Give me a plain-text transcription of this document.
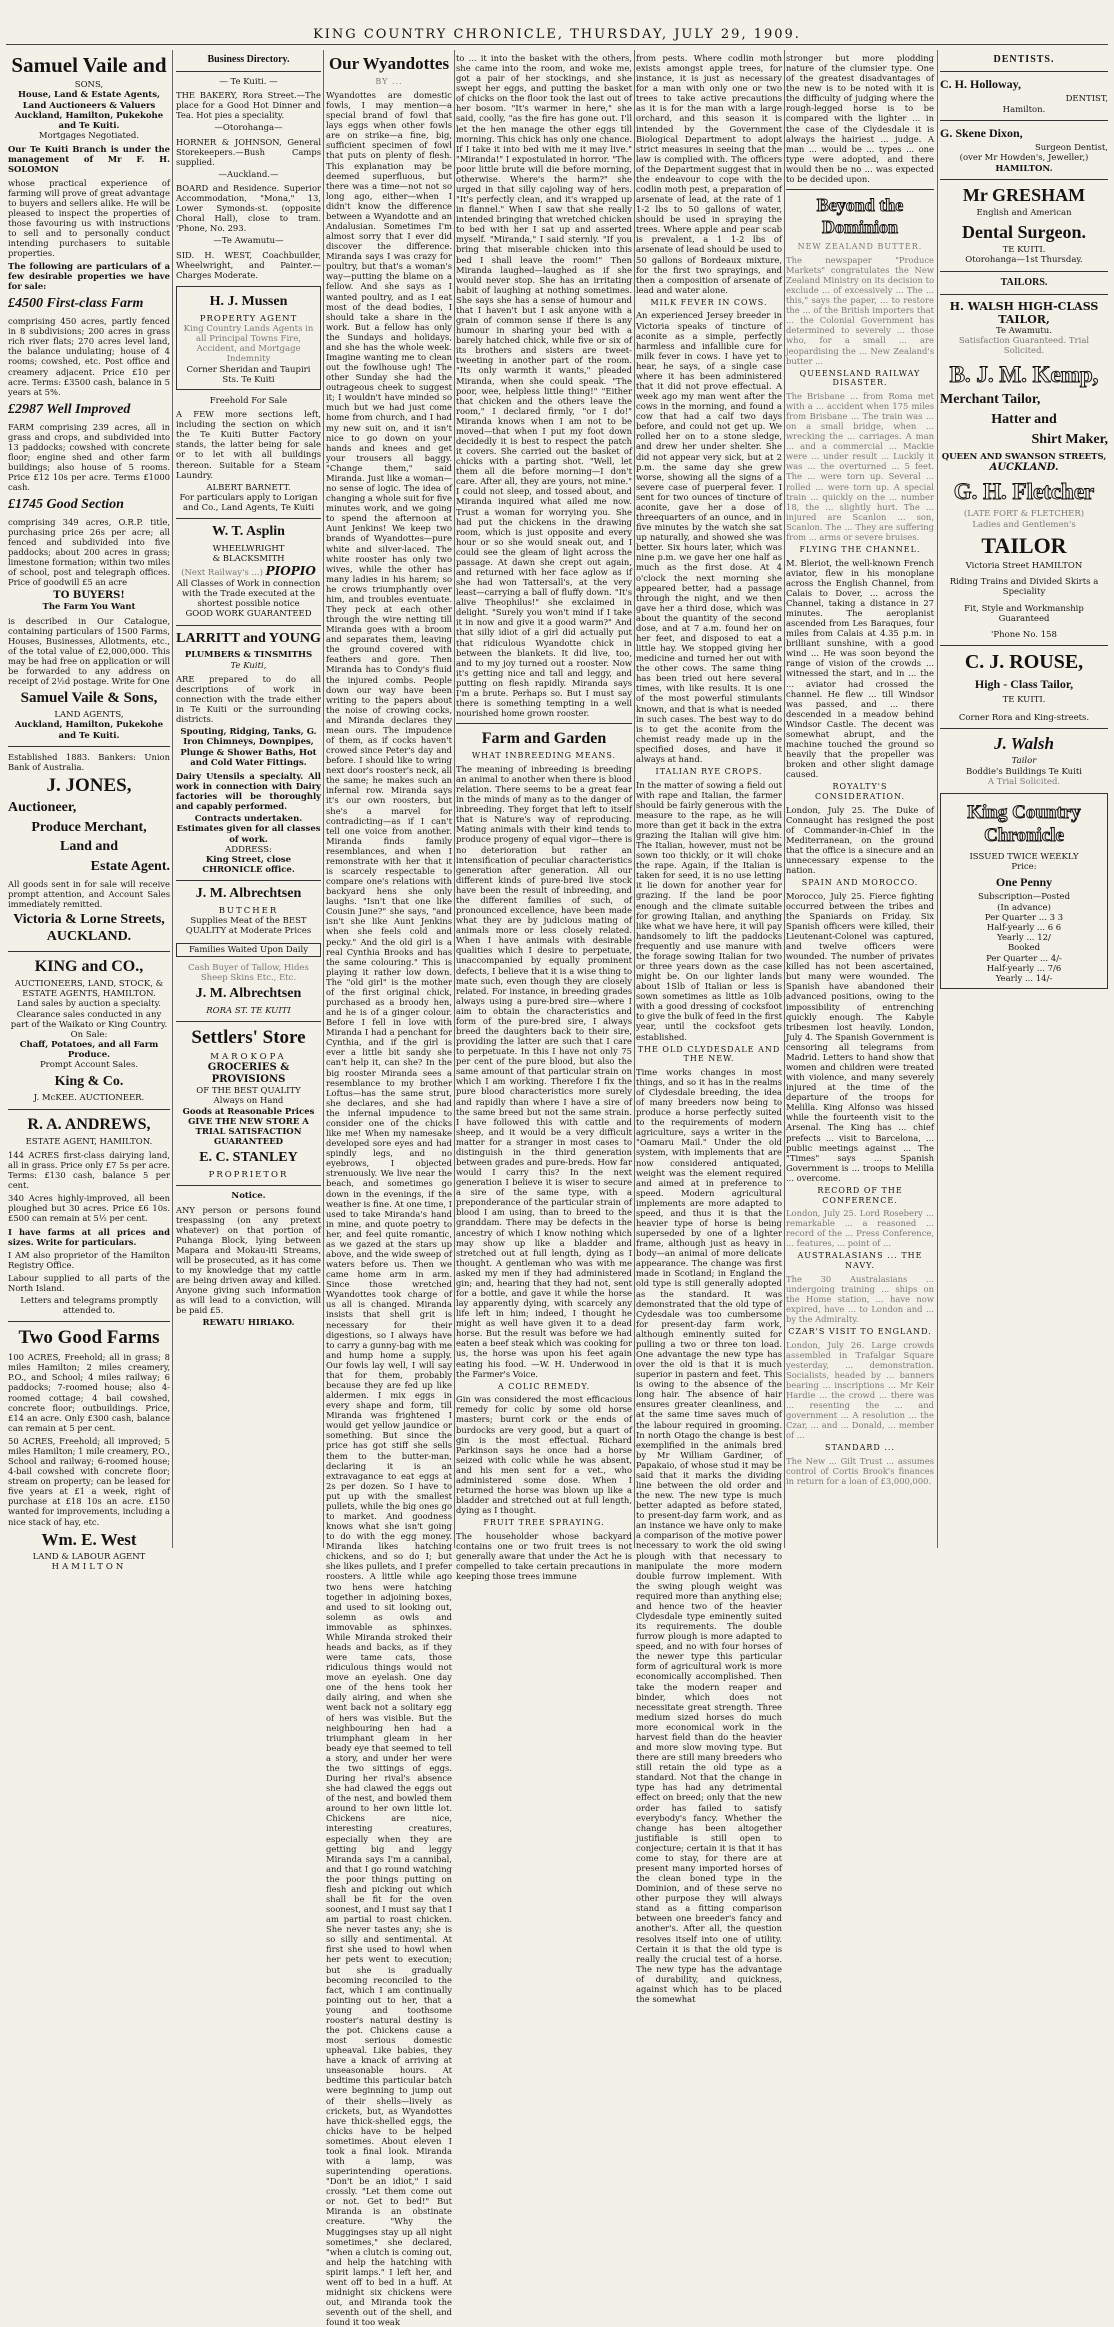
KING COUNTRY CHRONICLE, THURSDAY, JULY 29, 1909.
Samuel Vaile and
SONS,
House, Land & Estate Agents,
Land Auctioneers & Valuers
Auckland, Hamilton, Pukekohe and Te Kuiti.
Mortgages Negotiated.
Our Te Kuiti Branch is under the management of Mr F. H. SOLOMON
whose practical experience of farming will prove of great advantage to buyers and sellers alike. He will be pleased to inspect the properties of those favouring us with instructions to sell and to personally conduct intending purchasers to suitable properties.
The following are particulars of a few desirable properties we have for sale:
£4500 First-class Farm
comprising 450 acres, partly fenced in 8 subdivisions; 200 acres in grass rich river flats; 270 acres level land, the balance undulating; house of 4 rooms; cowshed, etc. Post office and creamery adjacent. Price £10 per acre. Terms: £3500 cash, balance in 5 years at 5%.
£2987 Well Improved
FARM comprising 239 acres, all in grass and crops, and subdivided into 13 paddocks; cowshed with concrete floor; engine shed and other farm buildings; also house of 5 rooms. Price £12 10s per acre. Terms £1000 cash.
£1745 Good Section
comprising 349 acres, O.R.P. title, purchasing price 26s per acre; all fenced and subdivided into five paddocks; about 200 acres in grass; limestone formation; within two miles of school, post and telegraph offices. Price of goodwill £5 an acre
TO BUYERS!
The Farm You Want
is described in Our Catalogue, containing particulars of 1500 Farms, Houses, Businesses, Allotments, etc., of the total value of £2,000,000. This may be had free on application or will be forwarded to any address on receipt of 2½d postage. Write for One
Samuel Vaile & Sons,
LAND AGENTS,
Auckland, Hamilton, Pukekohe and Te Kuiti.
Established 1883. Bankers: Union Bank of Australia.
J. JONES,
Auctioneer,
Produce Merchant,
Land and
Estate Agent.
All goods sent in for sale will receive prompt attention, and Account Sales immediately remitted.
Victoria & Lorne Streets, AUCKLAND.
KING and CO.,
AUCTIONEERS, LAND, STOCK, & ESTATE AGENTS, HAMILTON.
Land sales by auction a specialty.
Clearance sales conducted in any part of the Waikato or King Country.
On Sale:
Chaff, Potatoes, and all Farm Produce.
Prompt Account Sales.
King & Co.
J. McKEE. AUCTIONEER.
R. A. ANDREWS,
ESTATE AGENT, HAMILTON.
144 ACRES first-class dairying land, all in grass. Price only £7 5s per acre. Terms: £130 cash, balance 5 per cent.
340 Acres highly-improved, all been ploughed but 30 acres. Price £6 10s. £500 can remain at 5½ per cent.
I have farms at all prices and sizes. Write for particulars.
I AM also proprietor of the Hamilton Registry Office.
Labour supplied to all parts of the North Island.
Letters and telegrams promptly attended to.
Two Good Farms
100 ACRES, Freehold; all in grass; 8 miles Hamilton; 2 miles creamery, P.O., and School; 4 miles railway; 6 paddocks; 7-roomed house; also 4-roomed cottage; 4 bail cowshed, concrete floor; outbuildings. Price, £14 an acre. Only £300 cash, balance can remain at 5 per cent.
50 ACRES, Freehold; all improved; 5 miles Hamilton; 1 mile creamery, P.O., School and railway; 6-roomed house; 4-bail cowshed with concrete floor; stream on property; can be leased for five years at £1 a week, right of purchase at £18 10s an acre. £150 wanted for improvements, including a nice stack of hay, etc.
Wm. E. West
LAND & LABOUR AGENT
HAMILTON
Business Directory.
— Te Kuiti. —
THE BAKERY, Rora Street.—The place for a Good Hot Dinner and Tea. Hot pies a speciality.
—Otorohanga—
HORNER & JOHNSON, General Storekeepers.—Bush Camps supplied.
—Auckland.—
BOARD and Residence. Superior Accommodation, "Mona," 13, Lower Symonds-st. (opposite Choral Hall), close to tram. 'Phone, No. 293.
—Te Awamutu—
SID. H. WEST, Coachbuilder, Wheelwright, and Painter.—Charges Moderate.
H. J. Mussen
PROPERTY AGENT
King Country Lands Agents in all Principal Towns Fire, Accident, and Mortgage Indemnity
Corner Sheridan and Taupiri Sts. Te Kuiti
Freehold For Sale
A FEW more sections left, including the section on which the Te Kuiti Butter Factory stands, the latter being for sale or to let with all buildings thereon. Suitable for a Steam Laundry.
ALBERT BARNETT.
For particulars apply to Lorigan and Co., Land Agents, Te Kuiti
W. T. Asplin
WHEELWRIGHT
& BLACKSMITH
(Next Railway's ...) PIOPIO
All Classes of Work in connection with the Trade executed at the shortest possible notice
GOOD WORK GUARANTEED
LARRITT and YOUNG
PLUMBERS & TINSMITHS
Te Kuiti,
ARE prepared to do all descriptions of work in connection with the trade either in Te Kuiti or the surrounding districts.
Spouting, Ridging, Tanks, G. Iron Chimneys, Downpipes, Plunge & Shower Baths, Hot and Cold Water Fittings.
Dairy Utensils a specialty. All work in connection with Dairy factories will be thoroughly and capably performed.
Contracts undertaken. Estimates given for all classes of work.
ADDRESS:
King Street, close CHRONICLE office.
J. M. Albrechtsen
BUTCHER
Supplies Meat of the BEST QUALITY at Moderate Prices
Families Waited Upon Daily
Cash Buyer of Tallow, Hides Sheep Skins Etc., Etc.
J. M. Albrechtsen
RORA ST. TE KUITI
Settlers' Store
MAROKOPA
GROCERIES & PROVISIONS
OF THE BEST QUALITY
Always on Hand
Goods at Reasonable Prices
GIVE THE NEW STORE A TRIAL SATISFACTION GUARANTEED
E. C. STANLEY
PROPRIETOR
Notice.
ANY person or persons found trespassing (on any pretext whatever) on that portion of Puhanga Block, lying between Mapara and Mokau-iti Streams, will be prosecuted, as it has come to my knowledge that my cattle are being driven away and killed. Anyone giving such information as will lead to a conviction, will be paid £5.
REWATU HIRIAKO.
Our Wyandottes
BY ...
Wyandottes are domestic fowls, I may mention—a special brand of fowl that lays eggs when other fowls are on strike—a fine, big, sufficient specimen of fowl that puts on plenty of flesh. This explanation may be deemed superfluous, but there was a time—not not so long ago, either—when I didn't know the difference between a Wyandotte and an Andalusian. Sometimes I'm almost sorry that I ever did discover the difference. Miranda says I was crazy for poultry, but that's a woman's way—putting the blame on a fellow. And she says as I wanted poultry, and as I eat most of the dead bodies, I should take a share in the work. But a fellow has only the Sundays and holidays, and she has the whole week. Imagine wanting me to clean out the fowlhouse ugh! The other Sunday she had the outrageous cheek to suggest it; I wouldn't have minded so much but we had just come home from church, and I had my new suit on, and it isn't nice to go down on your hands and knees and get your trousers all baggy. "Change them," said Miranda. Just like a woman—no sense of logic. The idea of changing a whole suit for five minutes work, and we going to spend the afternoon at Aunt Jenkins! We keep two brands of Wyandottes—pure white and silver-laced. The white rooster has only two wives, while the other has many ladies in his harem; so he crows triumphantly over him, and troubles eventuate. They peck at each other through the wire netting till Miranda goes with a broom and separates them, leaving the ground covered with feathers and gore. Then Miranda has to Condy's fluid the injured combs. People down our way have been writing to the papers about the noise of crowing cocks, and Miranda declares they mean ours. The impudence of them, as if cocks haven't crowed since Peter's day and before. I should like to wring next door's rooster's neck, all the same; he makes such an infernal row. Miranda says it's our own roosters, but she's a marvel for contradicting—as if I can't tell one voice from another. Miranda finds family resemblances, and when I remonstrate with her that it is scarcely respectable to compare one's relations with backyard hens she only laughs. "Isn't that one like Cousin June?" she says, "and isn't she like Aunt Jenkins when she feels cold and pecky." And the old girl is a real Cynthia Brooks and has the same colouring." This is playing it rather low down. The "old girl" is the mother of the first original chick, purchased as a broody hen, and he is of a ginger colour. Before I fell in love with Miranda I had a penchant for Cynthia, and if the girl is ever a little bit sandy she can't help it, can she? In the big rooster Miranda sees a resemblance to my brother Loftus—has the same strut, she declares, and she had the infernal impudence to consider one of the chicks like me! When my namesake developed sore eyes and had spindly legs, and no eyebrows, I objected strenuously. We live near the beach, and sometimes go down in the evenings, if the weather is fine. At one time, I used to take Miranda's hand in mine, and quote poetry to her, and feel quite romantic, as we gazed at the stars up above, and the wide sweep of waters before us. Then we came home arm in arm. Since those wretched Wyandottes took charge of us all is changed. Miranda insists that shell grit is necessary for their digestions, so I always have to carry a gunny-bag with me and hump home a supply. Our fowls lay well, I will say that for them, probably because they are fed up like aldermen. I mix eggs in every shape and form, till Miranda was frightened I would get yellow jaundice or something. But since the price has got stiff she sells them to the butter-man, declaring it is an extravagance to eat eggs at 2s per dozen. So I have to put up with the smallest pullets, while the big ones go to market. And goodness knows what she isn't going to do with the egg money. Miranda likes hatching chickens, and so do I; but she likes pullets, and I prefer roosters. A little while ago two hens were hatching together in adjoining boxes, and used to sit looking out, solemn as owls and immovable as sphinxes. While Miranda stroked their heads and backs, as if they were tame cats, those ridiculous things would not move an eyelash. One day one of the hens took her daily airing, and when she went back not a solitary egg of hers was visible. But the neighbouring hen had a triumphant gleam in her beady eye that seemed to tell a story, and under her were the two sittings of eggs. During her rival's absence she had clawed the eggs out of the nest, and bowled them around to her own little lot. Chickens are nice, interesting creatures, especially when they are getting big and leggy Miranda says I'm a cannibal, and that I go round watching the poor things putting on flesh and picking out which shall be fit for the oven soonest, and I must say that I am partial to roast chicken. She never tastes any; she is so silly and sentimental. At first she used to howl when her pets went to execution; but she is gradually becoming reconciled to the fact, which I am continually pointing out to her, that a young and toothsome rooster's natural destiny is the pot. Chickens cause a most serious domestic upheaval. Like babies, they have a knack of arriving at unseasonable hours. At bedtime this particular batch were beginning to jump out of their shells—lively as crickets, but, as Wyandottes have thick-shelled eggs, the chicks have to be helped sometimes. About eleven I took a final look. Miranda with a lamp, was superintending operations. "Don't be an idiot," I said crossly. "Let them come out or not. Get to bed!" But Miranda is an obstinate creature. "Why the Muggingses stay up all night sometimes," she declared, "when a clutch is coming out, and help the hatching with spirit lamps." I left her, and went off to bed in a huff. At midnight six chickens were out, and Miranda took the seventh out of the shell, and found it too weak
to ... it into the basket with the others, she came into the room, and woke me, got a pair of her stockings, and she swept her eggs, and putting the basket of chicks on the floor took the last out of her bosom. "It's warmer in here," she said, coolly, "as the fire has gone out. I'll let the hen manage the other eggs till morning. This chick has only one chance. If I take it into bed with me it may live." "Miranda!" I expostulated in horror. "The poor little brute will die before morning, otherwise. Where's the harm?" she urged in that silly cajoling way of hers. "It's perfectly clean, and it's wrapped up in flannel." When I saw that she really intended bringing that wretched chicken to bed with her I sat up and asserted myself. "Miranda," I said sternly. "If you bring that miserable chicken into this bed I shall leave the room!" Then Miranda laughed—laughed as if she would never stop. She has an irritating habit of laughing at nothing sometimes. She says she has a sense of humour and that I haven't but I ask anyone with a grain of common sense if there is any humour in sharing your bed with a barely hatched chick, while five or six of its brothers and sisters are tweet-tweeting in another part of the room. "Its only warmth it wants," pleaded Miranda, when she could speak. "The poor, wee, helpless little thing!" "Either that chicken and the others leave the room," I declared firmly, "or I do!" Miranda knows when I am not to be moved—that when I put my foot down decidedly it is best to respect the patch it covers. She carried out the basket of chicks with a parting shot. "Well, let them all die before morning—I don't care. After all, they are yours, not mine." I could not sleep, and tossed about, and Miranda inquired what ailed me now. Trust a woman for worrying you. She had put the chickens in the drawing room, which is just opposite and every hour or so she would sneak out, and I could see the gleam of light across the passage. At dawn she crept out again, and returned with her face aglow as if she had won Tattersall's, at the very least—carrying a ball of fluffy down. "It's alive Theophilus!" she exclaimed in delight. "Surely you won't mind if I take it in now and give it a good warm?" And that silly idiot of a girl did actually put that ridiculous Wyandotte chick in between the blankets. It did live, too, and to my joy turned out a rooster. Now it's getting nice and tall and leggy, and putting on flesh rapidly. Miranda says I'm a brute. Perhaps so. But I must say there is something tempting in a well nourished home grown rooster.
Farm and Garden
WHAT INBREEDING MEANS.
The meaning of inbreeding is breeding an animal to another when there is blood relation. There seems to be a great fear in the minds of many as to the danger of inbreeding. They forget that left to itself that is Nature's way of reproducing. Mating animals with their kind tends to produce progeny of equal vigor—there is no deterioration but rather an intensification of peculiar characteristics generation after generation. All our different kinds of pure-bred live stock have been the result of inbreeding, and the different families of such, of pronounced excellence, have been made what they are by judicious mating of animals more or less closely related. When I have animals with desirable qualities which I desire to perpetuate, unaccompanied by equally prominent defects, I believe that it is a wise thing to mate such, even though they are closely related. For instance, in breeding grades always using a pure-bred sire—where I aim to obtain the characteristics and form of the pure-bred sire, I always breed the daughters back to their sire, providing the latter are such that I care to perpetuate. In this I have not only 75 per cent of the pure blood, but also the same amount of that particular strain on which I am working. Therefore I fix the pure blood characteristics more surely and rapidly than where I have a sire of the same breed but not the same strain. I have followed this with cattle and sheep, and it would be a very difficult matter for a stranger in most cases to distinguish in the third generation between grades and pure-breds. How far would I carry this? In the next generation I believe it is wiser to secure a sire of the same type, with a preponderance of the particular strain of blood I am using, than to breed to the granddam. There may be defects in the ancestry of which I know nothing which may show up like a bladder and stretched out at full length, dying as I thought. A gentleman who was with me asked my men if they had administered gin; and, hearing that they had not, sent for a bottle, and gave it while the horse lay apparently dying, with scarcely any life left in him; indeed, I thought he might as well have given it to a dead horse. But the result was before we had eaten a beef steak which was cooking for us, the horse was upon his feet again eating his food. —W. H. Underwood in the Farmer's Voice.
A COLIC REMEDY.
Gin was considered the most efficacious remedy for colic by some old horse masters; burnt cork or the ends of burdocks are very good, but a quart of gin is the most effectual. Richard Parkinson says he once had a horse seized with colic while he was absent, and his men sent for a vet., who administered some dose. When I returned the horse was blown up like a bladder and stretched out at full length, dying as I thought.
FRUIT TREE SPRAYING.
The householder whose backyard contains one or two fruit trees is not generally aware that under the Act he is compelled to take certain precautions in keeping those trees immune
from pests. Where codlin moth exists amongst apple trees, for instance, it is just as necessary for a man with only one or two trees to take active precautions as it is for the man with a large orchard, and this season it is intended by the Government Biological Department to adopt strict measures in seeing that the law is complied with. The officers of the Department suggest that in the endeavour to cope with the codlin moth pest, a preparation of arsenate of lead, at the rate of 1 1-2 lbs to 50 gallons of water, should be used in spraying the trees. Where apple and pear scab is prevalent, a 1 1-2 lbs of arsenate of lead should be used to 50 gallons of Bordeaux mixture, for the first two sprayings, and then a composition of arsenate of lead and water alone.
MILK FEVER IN COWS.
An experienced Jersey breeder in Victoria speaks of tincture of aconite as a simple, perfectly harmless and infallible cure for milk fever in cows. I have yet to hear, he says, of a single case where it has been administered that it did not prove effectual. A week ago my man went after the cows in the morning, and found a cow that had a calf two days before, and could not get up. We rolled her on to a stone sledge, and drew her under shelter. She did not appear very sick, but at 2 p.m. the same day she grew worse, showing all the signs of a severe case of puerperal fever. I sent for two ounces of tincture of aconite, gave her a dose of threequarters of an ounce, and in five minutes by the watch she sat up naturally, and showed she was better. Six hours later, which was nine p.m. we gave her one half as much as the first dose. At 4 o'clock the next morning she appeared better, had a passage through the night, and we then gave her a third dose, which was about the quantity of the second dose, and at 7 a.m. found her on her feet, and disposed to eat a little hay. We stopped giving her medicine and turned her out with the other cows. The same thing has been tried out here several times, with like results. It is one of the most powerful stimulants known, and that is what is needed in such cases. The best way to do is to get the aconite from the chemist ready made up in the specified doses, and have it always at hand.
ITALIAN RYE CROPS.
In the matter of sowing a field out with rape and Italian, the farmer should be fairly generous with the measure to the rape, as he will more than get it back in the extra grazing the Italian will give him. The Italian, however, must not be sown too thickly, or it will choke the rape. Again, if the Italian is taken for seed, it is no use letting it lie down for another year for grazing. If the land be poor enough and the climate suitable for growing Italian, and anything like what we have here, it will pay handsomely to lift the paddocks frequently and use manure with the forage sowing Italian for two or three years down as the case might be. On our lighter lands about 1Slb of Italian or less is sown sometimes as little as 10lb with a good dressing of cocksfoot to give the bulk of feed in the first year, until the cocksfoot gets established.
THE OLD CLYDESDALE AND THE NEW.
Time works changes in most things, and so it has in the realms of Clydesdale breeding, the idea of many breeders now being to produce a horse perfectly suited to the requirements of modern agriculture, says a writer in the "Oamaru Mail." Under the old system, with implements that are now considered antiquated, weight was the element required and aimed at in preference to speed. Modern agricultural implements are more adapted to speed, and thus it is that the heavier type of horse is being superseded by one of a lighter frame, although just as heavy in body—an animal of more delicate appearance. The change was first made in Scotland; in England the old type is still generally adopted as the standard. It was demonstrated that the old type of Cydesdale was too cumbersome for present-day farm work, although eminently suited for pulling a two or three ton load. One advantage the new type has over the old is that it is much superior in pastern and feet. This is owing to the absence of the long hair. The absence of hair ensures greater cleanliness, and at the same time saves much of the labour required in grooming. In north Otago the change is best exemplified in the animals bred by Mr William Gardiner, of Papakaio, of whose stud it may be said that it marks the dividing line between the old order and the new. The new type is much better adapted as before stated, to present-day farm work, and as an instance we have only to make a comparison of the motive power necessary to work the old swing plough with that necessary to manipulate the more modern double furrow implement. With the swing plough weight was required more than anything else; and hence two of the heavier Clydesdale type eminently suited its requirements. The double furrow plough is more adapted to speed, and no with four horses of the newer type this particular form of agricultural work is more economically accomplished. Then take the modern reaper and binder, which does not necessitate great strength. Three medium sized horses do much more economical work in the harvest field than do the heavier and more slow moving type. But there are still many breeders who still retain the old type as a standard. Not that the change in type has had any detrimental effect on breed; only that the new order has failed to satisfy everybody's fancy. Whether the change has been altogether justifiable is still open to conjecture; certain it is that it has come to stay, for there are at present many imported horses of the clean boned type in the Dominion, and of these serve no other purpose they will always stand as a fitting comparison between one breeder's fancy and another's. After all, the question resolves itself into one of utility. Certain it is that the old type is really the crucial test of a horse. The new type has the advantage of durability, and quickness, against which has to be placed the somewhat
stronger but more plodding nature of the clumsier type. One of the greatest disadvantages of the new is to be noted with it is the difficulty of judging where the rough-legged horse is to be compared with the lighter ... in the case of the Clydesdale it is always the hairiest ... judge. A man ... would be ... types ... one type were adopted, and there would then be no ... was expected to be decided upon.
Beyond the Dominion
NEW ZEALAND BUTTER.
The newspaper "Produce Markets" congratulates the New Zealand Ministry on its decision to exclude ... of excessively ... The ... this," says the paper, ... to restore the ... of the British importers that ... the Colonial Government has determined to severely ... those who, for a small ... are jeopardising the ... New Zealand's butter ...
QUEENSLAND RAILWAY DISASTER.
The Brisbane ... from Roma met with a ... accident when 175 miles from Brisbane ... The train was ... on a small bridge, when ... wrecking the ... carriages. A man ... and a commercial ... Mackie were ... under result ... Luckily it was ... the overturned ... 5 feet. The ... were torn up. Several ... rolled ... were torn up. A special train ... quickly on the ... number 18, the ... slightly hurt. The ... injured are Scanlon ... son, Scanlon. The ... They are suffering from ... arms or severe bruises.
FLYING THE CHANNEL.
M. Bleriot, the well-known French aviator, flew in his monoplane across the English Channel, from Calais to Dover, ... across the Channel, taking a distance in 27 minutes. The aeroplanist ascended from Les Baraques, four miles from Calais at 4.35 p.m. in brilliant sunshine, with a good wind ... He was soon beyond the range of vision of the crowds ... witnessed the start, and in ... the ... aviator had crossed the channel. He flew ... till Windsor was passed, and ... there descended in a meadow behind Windsor Castle. The decent was somewhat abrupt, and the machine touched the ground so heavily that the propeller was broken and other slight damage caused.
ROYALTY'S CONSIDERATION.
London, July 25. The Duke of Connaught has resigned the post of Commander-in-Chief in the Mediterranean, on the ground that the office is a sinecure and an unnecessary expense to the nation.
SPAIN AND MOROCCO.
Morocco, July 25. Fierce fighting occurred between the tribes and the Spaniards on Friday. Six Spanish officers were killed, their Lieutenant-Colonel was captured, and twelve officers were wounded. The number of privates killed has not been ascertained, but many were wounded. The Spanish have abandoned their advanced positions, owing to the impossibility of entrenching quickly enough. The Kabyle tribesmen lost heavily. London, July 4. The Spanish Government is censoring all telegrams from Madrid. Letters to hand show that women and children were treated with violence, and many severely injured at the time of the departure of the troops for Melilla. King Alfonso was hissed while the fourteenth visit to the Arsenal. The King has ... chief prefects ... visit to Barcelona, ... public meetings against ... The "Times" says ... Spanish Government is ... troops to Melilla ... overcome.
RECORD OF THE CONFERENCE.
London, July 25. Lord Rosebery ... remarkable ... a reasoned ... record of the ... Press Conference, ... features, ... point of ...
AUSTRALASIANS ... THE NAVY.
The 30 Australasians ... undergoing training ... ships on the Home station, ... have now expired, have ... to London and ... by the Admiralty.
CZAR'S VISIT TO ENGLAND.
London, July 26. Large crowds assembled in Trafalgar Square yesterday, ... demonstration. Socialists, headed by ... banners bearing ... inscriptions ... Mr Keir Hardie ... the crowd ... there was ... resenting the ... and government ... A resolution ... the Czar, ... and ... Donald, ... member of ...
STANDARD ...
The New ... Gilt Trust ... assumes control of Cortis Brook's finances in return for a loan of £3,000,000.
DENTISTS.
C. H. Holloway,
DENTIST,
Hamilton.
G. Skene Dixon,
Surgeon Dentist,
(over Mr Howden's, Jeweller,)
HAMILTON.
Mr GRESHAM
English and American
Dental Surgeon.
TE KUITI.
Otorohanga—1st Thursday.
TAILORS.
H. WALSH HIGH-CLASS TAILOR,
Te Awamutu.
Satisfaction Guaranteed. Trial Solicited.
B. J. M. Kemp,
Merchant Tailor,
Hatter and
Shirt Maker,
QUEEN AND SWANSON STREETS,
AUCKLAND.
G. H. Fletcher
(LATE FORT & FLETCHER)
Ladies and Gentlemen's
TAILOR
Victoria Street HAMILTON
Riding Trains and Divided Skirts a Speciality
Fit, Style and Workmanship Guaranteed
'Phone No. 158
C. J. ROUSE,
High - Class Tailor,
TE KUITI.
Corner Rora and King-streets.
J. Walsh
Tailor
Boddie's Buildings Te Kuiti
A Trial Solicited.
King Country Chronicle
ISSUED TWICE WEEKLY
Price:
One Penny
Subscription—Posted
(In advance)
Per Quarter ... 3 3
Half-yearly ... 6 6
Yearly ... 12/
Booked
Per Quarter ... 4/-
Half-yearly ... 7/6
Yearly ... 14/-
